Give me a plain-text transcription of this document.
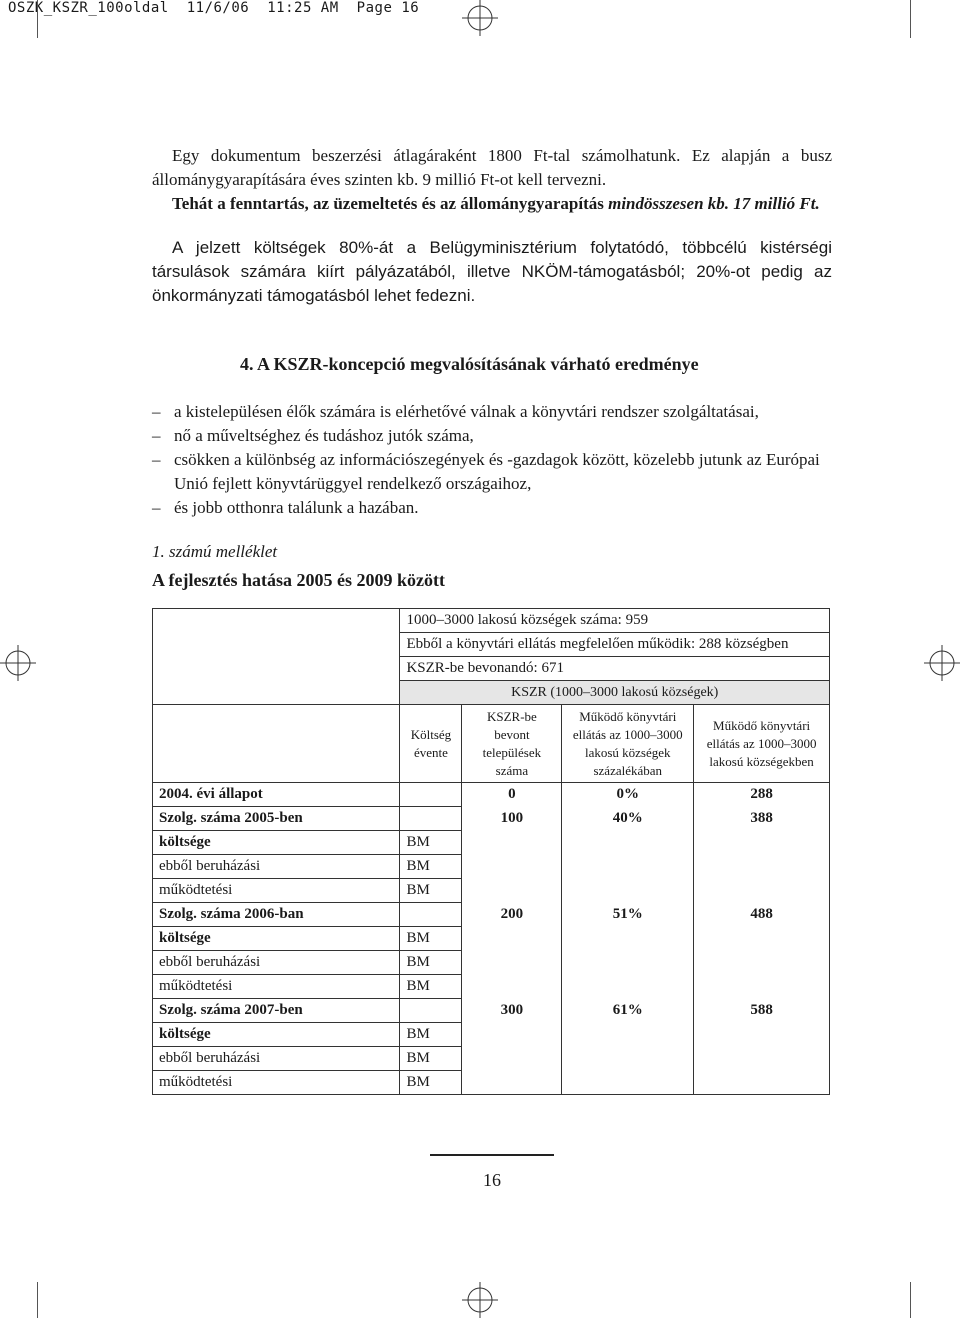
OSZK_KSZR_100oldal 11/6/06 11:25 AM Page 16

Egy dokumentum beszerzési átlagáraként 1800 Ft-tal számolhatunk. Ez alapján a busz állománygyarapítására éves szinten kb. 9 millió Ft-ot kell tervezni.

Tehát a fenntartás, az üzemeltetés és az állománygyarapítás mindösszesen kb. 17 millió Ft.

A jelzett költségek 80%-át a Belügyminisztérium folytatódó, többcélú kistérségi társulások számára kiírt pályázatából, illetve NKÖM-támogatásból; 20%-ot pedig az önkormányzati támogatásból lehet fedezni.

4. A KSZR-koncepció megvalósításának várható eredménye
– a kistelepülésen élők számára is elérhetővé válnak a könyvtári rendszer szolgáltatásai,
– nő a műveltséghez és tudáshoz jutók száma,
– csökken a különbség az információszegények és -gazdagok között, közelebb jutunk az Európai Unió fejlett könyvtárüggyel rendelkező országaihoz,
– és jobb otthonra találunk a hazában.
1. számú melléklet
A fejlesztés hatása 2005 és 2009 között
	1000–3000 lakosú községek száma: 959			
	Ebből a könyvtári ellátás megfelelően működik: 288 községben			
	KSZR-be bevonandó: 671			
	KSZR (1000–3000 lakosú községek)			
	Költség évente	KSZR-be bevont települések száma	Működő könyvtári ellátás az 1000–3000 lakosú községek százalékában	Működő könyvtári ellátás az 1000–3000 lakosú községekben
2004. évi állapot		0	0%	288
Szolg. száma 2005-ben		100	40%	388
költsége	BM			
ebből beruházási	BM			
működtetési	BM			
Szolg. száma 2006-ban		200	51%	488
költsége	BM			
ebből beruházási	BM			
működtetési	BM			
Szolg. száma 2007-ben		300	61%	588
költsége	BM			
ebből beruházási	BM			
működtetési	BM			
16
